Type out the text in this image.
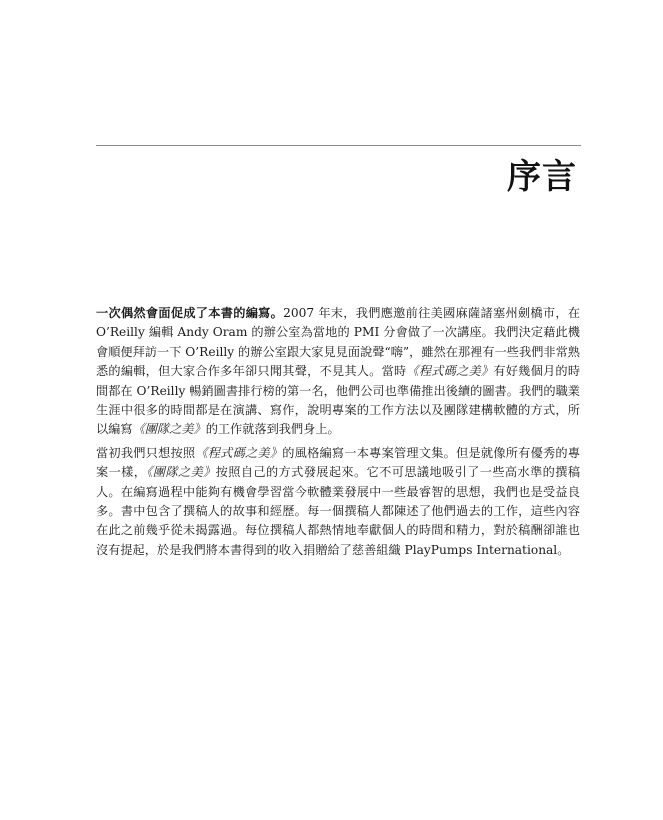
序言

一次偶然會面促成了本書的編寫。2007 年末，我們應邀前往美國麻薩諸塞州劍橋市，在 O’Reilly 編輯 Andy Oram 的辦公室為當地的 PMI 分會做了一次講座。我們決定藉此機會順便拜訪一下 O’Reilly 的辦公室跟大家見見面說聲“嗨”，雖然在那裡有一些我們非常熟悉的編輯，但大家合作多年卻只聞其聲，不見其人。當時《程式碼之美》有好幾個月的時間都在 O’Reilly 暢銷圖書排行榜的第一名，他們公司也準備推出後續的圖書。我們的職業生涯中很多的時間都是在演講、寫作，說明專案的工作方法以及團隊建構軟體的方式，所以編寫《團隊之美》的工作就落到我們身上。

當初我們只想按照《程式碼之美》的風格編寫一本專案管理文集。但是就像所有優秀的專案一樣，《團隊之美》按照自己的方式發展起來。它不可思議地吸引了一些高水準的撰稿人。在編寫過程中能夠有機會學習當今軟體業發展中一些最睿智的思想，我們也是受益良多。書中包含了撰稿人的故事和經歷。每一個撰稿人都陳述了他們過去的工作，這些內容在此之前幾乎從未揭露過。每位撰稿人都熱情地奉獻個人的時間和精力，對於稿酬卻誰也沒有提起，於是我們將本書得到的收入捐贈給了慈善組織 PlayPumps International。
